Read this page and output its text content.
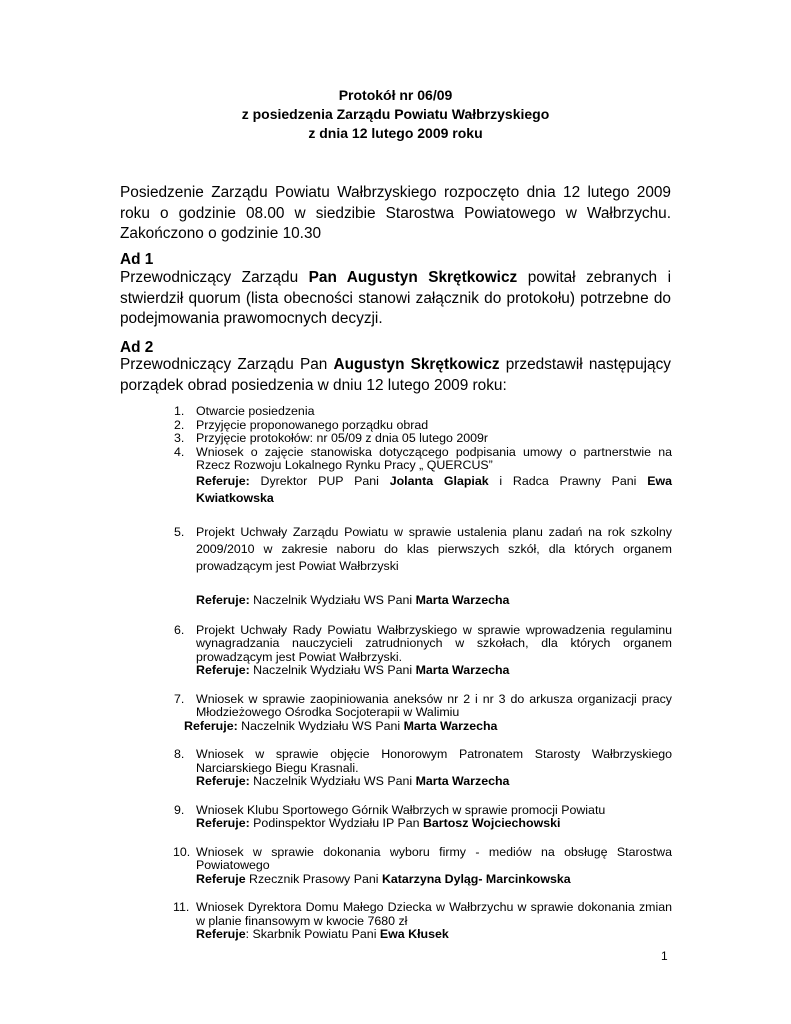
Protokół nr 06/09
z posiedzenia Zarządu Powiatu Wałbrzyskiego
z dnia 12 lutego 2009 roku
Posiedzenie Zarządu Powiatu Wałbrzyskiego rozpoczęto dnia 12 lutego 2009 roku o godzinie 08.00 w siedzibie Starostwa Powiatowego w Wałbrzychu. Zakończono o godzinie 10.30
Ad 1
Przewodniczący Zarządu Pan Augustyn Skrętkowicz powitał zebranych i stwierdził quorum (lista obecności stanowi załącznik do protokołu) potrzebne do podejmowania prawomocnych decyzji.
Ad 2
Przewodniczący Zarządu Pan Augustyn Skrętkowicz przedstawił następujący porządek obrad posiedzenia w dniu 12 lutego 2009 roku:
1. Otwarcie posiedzenia
2. Przyjęcie proponowanego porządku obrad
3. Przyjęcie protokołów: nr 05/09 z dnia 05 lutego 2009r
4. Wniosek o zajęcie stanowiska dotyczącego podpisania umowy o partnerstwie na Rzecz Rozwoju Lokalnego Rynku Pracy „ QUERCUS”
Referuje: Dyrektor PUP Pani Jolanta Glapiak i Radca Prawny Pani Ewa Kwiatkowska
5. Projekt Uchwały Zarządu Powiatu w sprawie ustalenia planu zadań na rok szkolny 2009/2010 w zakresie naboru do klas pierwszych szkół, dla których organem prowadzącym jest Powiat Wałbrzyski
Referuje: Naczelnik Wydziału WS Pani Marta Warzecha
6. Projekt Uchwały Rady Powiatu Wałbrzyskiego w sprawie wprowadzenia regulaminu wynagradzania nauczycieli zatrudnionych w szkołach, dla których organem prowadzącym jest Powiat Wałbrzyski.
Referuje: Naczelnik Wydziału WS Pani Marta Warzecha
7. Wniosek w sprawie zaopiniowania aneksów nr 2 i nr 3 do arkusza organizacji pracy Młodzieżowego Ośrodka Socjoterapii w Walimiu
Referuje: Naczelnik Wydziału WS Pani Marta Warzecha
8. Wniosek w sprawie objęcie Honorowym Patronatem Starosty Wałbrzyskiego Narciarskiego Biegu Krasnali.
Referuje: Naczelnik Wydziału WS Pani Marta Warzecha
9. Wniosek Klubu Sportowego Górnik Wałbrzych w sprawie promocji Powiatu
Referuje: Podinspektor Wydziału IP Pan Bartosz Wojciechowski
10. Wniosek w sprawie dokonania wyboru firmy - mediów na obsługę Starostwa Powiatowego
Referuje Rzecznik Prasowy Pani Katarzyna Dyląg- Marcinkowska
11. Wniosek Dyrektora Domu Małego Dziecka w Wałbrzychu w sprawie dokonania zmian w planie finansowym w kwocie 7680 zł
Referuje: Skarbnik Powiatu Pani Ewa Kłusek
1
